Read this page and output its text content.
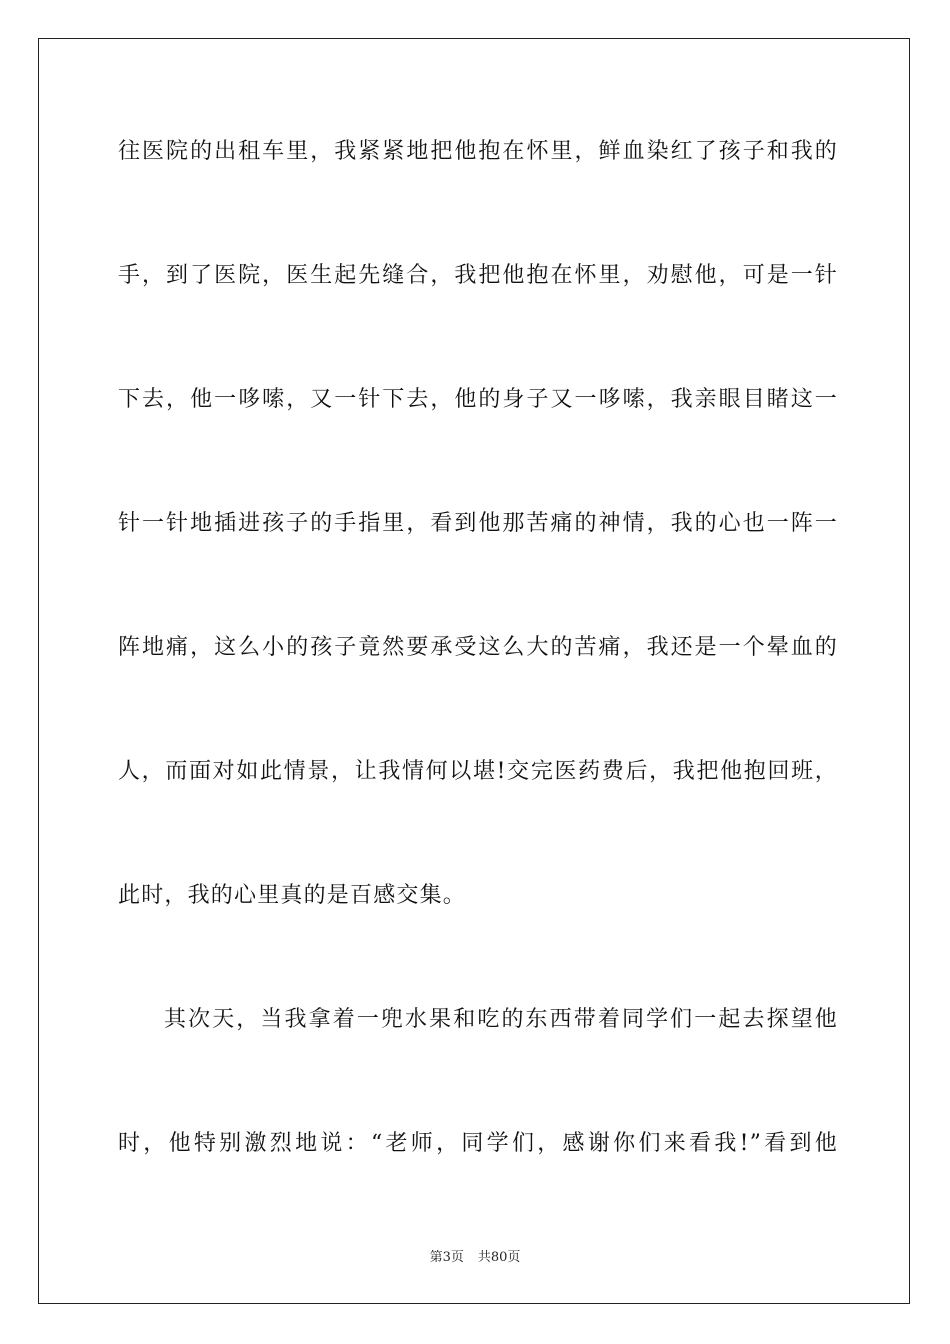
往医院的出租车里，我紧紧地把他抱在怀里，鲜血染红了孩子和我的
手，到了医院，医生起先缝合，我把他抱在怀里，劝慰他，可是一针
下去，他一哆嗦，又一针下去，他的身子又一哆嗦，我亲眼目睹这一
针一针地插进孩子的手指里，看到他那苦痛的神情，我的心也一阵一
阵地痛，这么小的孩子竟然要承受这么大的苦痛，我还是一个晕血的
人，而面对如此情景，让我情何以堪!交完医药费后，我把他抱回班，
此时，我的心里真的是百感交集。
其次天，当我拿着一兜水果和吃的东西带着同学们一起去探望他
时，他特别激烈地说：“老师，同学们，感谢你们来看我!”看到他
第3页 共80页
